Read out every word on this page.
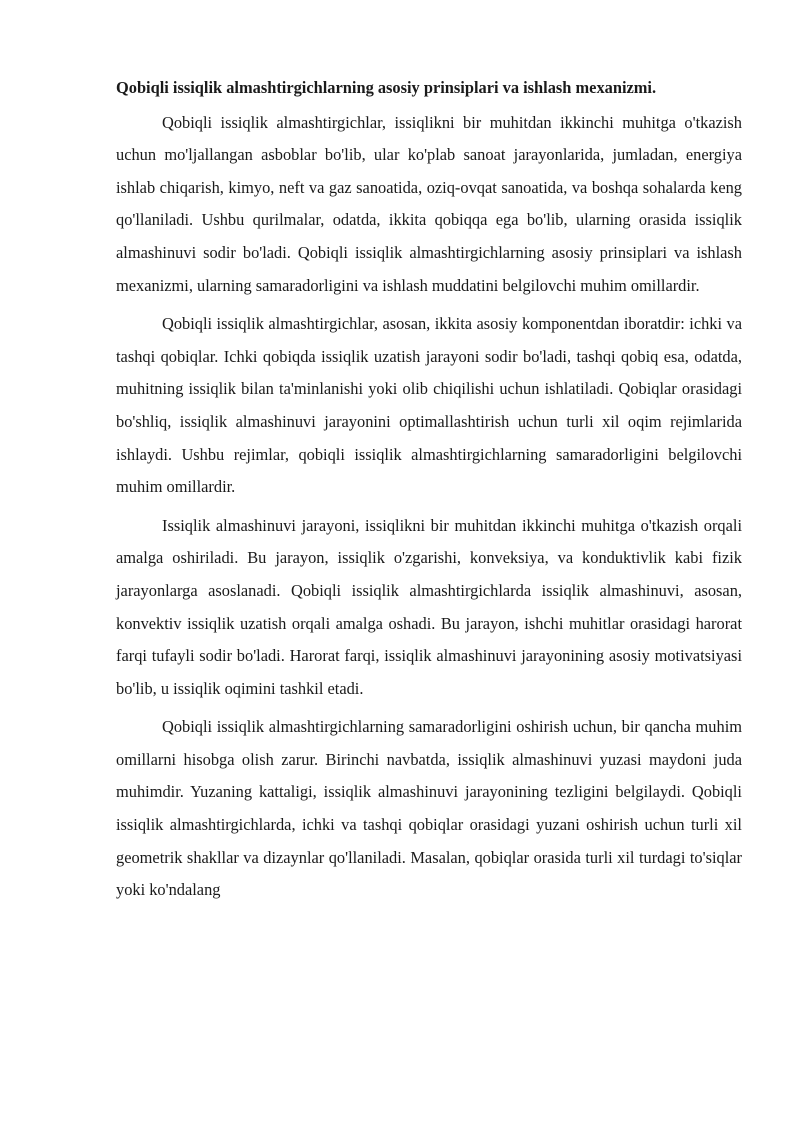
Qobiqli issiqlik almashtirgichlarning asosiy prinsiplari va ishlash mexanizmi.

Qobiqli issiqlik almashtirgichlar, issiqlikni bir muhitdan ikkinchi muhitga o'tkazish uchun mo'ljallangan asboblar bo'lib, ular ko'plab sanoat jarayonlarida, jumladan, energiya ishlab chiqarish, kimyo, neft va gaz sanoatida, oziq-ovqat sanoatida, va boshqa sohalarda keng qo'llaniladi. Ushbu qurilmalar, odatda, ikkita qobiqqa ega bo'lib, ularning orasida issiqlik almashinuvi sodir bo'ladi. Qobiqli issiqlik almashtirgichlarning asosiy prinsiplari va ishlash mexanizmi, ularning samaradorligini va ishlash muddatini belgilovchi muhim omillardir.

Qobiqli issiqlik almashtirgichlar, asosan, ikkita asosiy komponentdan iboratdir: ichki va tashqi qobiqlar. Ichki qobiqda issiqlik uzatish jarayoni sodir bo'ladi, tashqi qobiq esa, odatda, muhitning issiqlik bilan ta'minlanishi yoki olib chiqilishi uchun ishlatiladi. Qobiqlar orasidagi bo'shliq, issiqlik almashinuvi jarayonini optimallashtirish uchun turli xil oqim rejimlarida ishlaydi. Ushbu rejimlar, qobiqli issiqlik almashtirgichlarning samaradorligini belgilovchi muhim omillardir.

Issiqlik almashinuvi jarayoni, issiqlikni bir muhitdan ikkinchi muhitga o'tkazish orqali amalga oshiriladi. Bu jarayon, issiqlik o'zgarishi, konveksiya, va konduktivlik kabi fizik jarayonlarga asoslanadi. Qobiqli issiqlik almashtirgichlarda issiqlik almashinuvi, asosan, konvektiv issiqlik uzatish orqali amalga oshadi. Bu jarayon, ishchi muhitlar orasidagi harorat farqi tufayli sodir bo'ladi. Harorat farqi, issiqlik almashinuvi jarayonining asosiy motivatsiyasi bo'lib, u issiqlik oqimini tashkil etadi.

Qobiqli issiqlik almashtirgichlarning samaradorligini oshirish uchun, bir qancha muhim omillarni hisobga olish zarur. Birinchi navbatda, issiqlik almashinuvi yuzasi maydoni juda muhimdir. Yuzaning kattaligi, issiqlik almashinuvi jarayonining tezligini belgilaydi. Qobiqli issiqlik almashtirgichlarda, ichki va tashqi qobiqlar orasidagi yuzani oshirish uchun turli xil geometrik shakllar va dizaynlar qo'llaniladi. Masalan, qobiqlar orasida turli xil turdagi to'siqlar yoki ko'ndalang
